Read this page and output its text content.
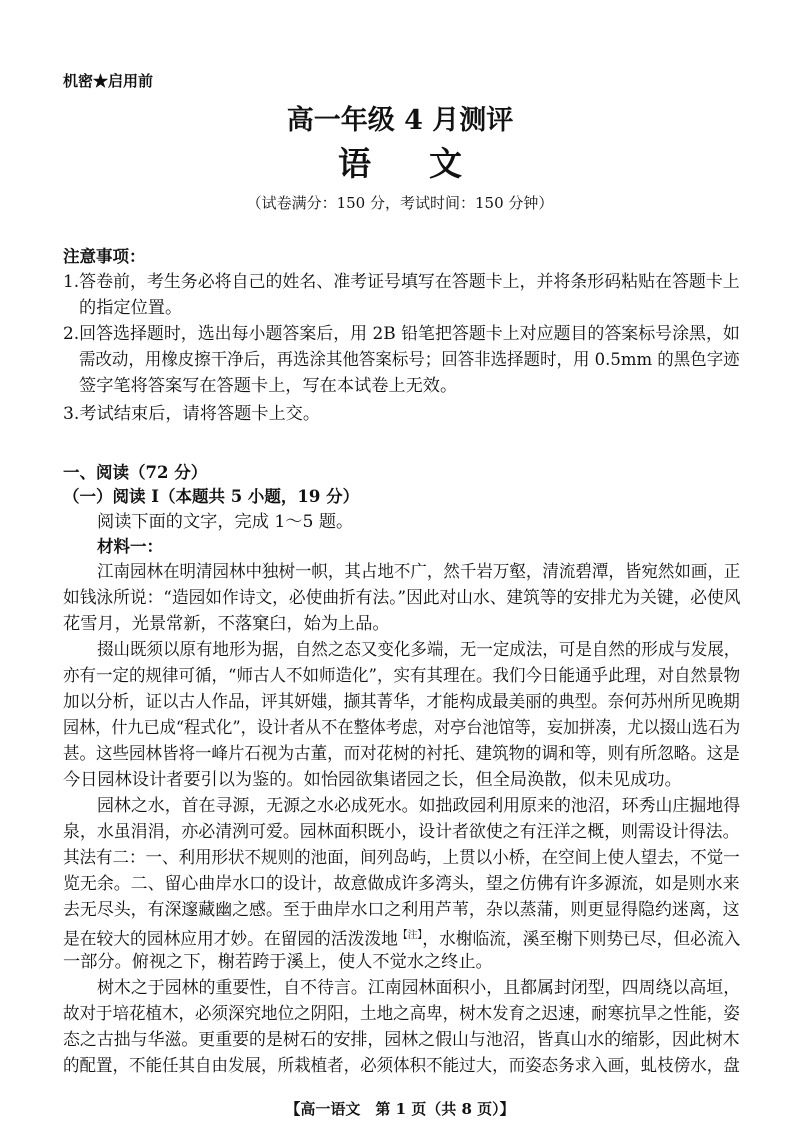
机密★启用前
高一年级 4 月测评
语文
（试卷满分：150 分，考试时间：150 分钟）
注意事项：
1.答卷前，考生务必将自己的姓名、准考证号填写在答题卡上，并将条形码粘贴在答题卡上
的指定位置。
2.回答选择题时，选出每小题答案后，用 2B 铅笔把答题卡上对应题目的答案标号涂黑，如
需改动，用橡皮擦干净后，再选涂其他答案标号；回答非选择题时，用 0.5mm 的黑色字迹
签字笔将答案写在答题卡上，写在本试卷上无效。
3.考试结束后，请将答题卡上交。
一、阅读（72 分）
（一）阅读 Ⅰ（本题共 5 小题，19 分）
阅读下面的文字，完成 1～5 题。
材料一：
江南园林在明清园林中独树一帜，其占地不广，然千岩万壑，清流碧潭，皆宛然如画，正
如钱泳所说：“造园如作诗文，必使曲折有法。”因此对山水、建筑等的安排尤为关键，必使风
花雪月，光景常新，不落窠臼，始为上品。
掇山既须以原有地形为据，自然之态又变化多端，无一定成法，可是自然的形成与发展，
亦有一定的规律可循，“师古人不如师造化”，实有其理在。我们今日能通乎此理，对自然景物
加以分析，证以古人作品，评其妍媸，撷其菁华，才能构成最美丽的典型。奈何苏州所见晚期
园林，什九已成“程式化”，设计者从不在整体考虑，对亭台池馆等，妄加拼凑，尤以掇山选石为
甚。这些园林皆将一峰片石视为古董，而对花树的衬托、建筑物的调和等，则有所忽略。这是
今日园林设计者要引以为鉴的。如怡园欲集诸园之长，但全局涣散，似未见成功。
园林之水，首在寻源，无源之水必成死水。如拙政园利用原来的池沼，环秀山庄掘地得
泉，水虽涓涓，亦必清洌可爱。园林面积既小，设计者欲使之有汪洋之概，则需设计得法。
其法有二：一、利用形状不规则的池面，间列岛屿，上贯以小桥，在空间上使人望去，不觉一
览无余。二、留心曲岸水口的设计，故意做成许多湾头，望之仿佛有许多源流，如是则水来
去无尽头，有深邃藏幽之感。至于曲岸水口之利用芦苇，杂以蒸蒲，则更显得隐约迷离，这
是在较大的园林应用才妙。在留园的活泼泼地$^{【注】}$，水榭临流，溪至榭下则势已尽，但必流入
一部分。俯视之下，榭若跨于溪上，使人不觉水之终止。
树木之于园林的重要性，自不待言。江南园林面积小，且都属封闭型，四周绕以高垣，
故对于培花植木，必须深究地位之阴阳，土地之高卑，树木发育之迟速，耐寒抗旱之性能，姿
态之古拙与华滋。更重要的是树石的安排，园林之假山与池沼，皆真山水的缩影，因此树木
的配置，不能任其自由发展，所栽植者，必须体积不能过大，而姿态务求入画，虬枝傍水，盘
【高一语文　第 1 页（共 8 页）】
